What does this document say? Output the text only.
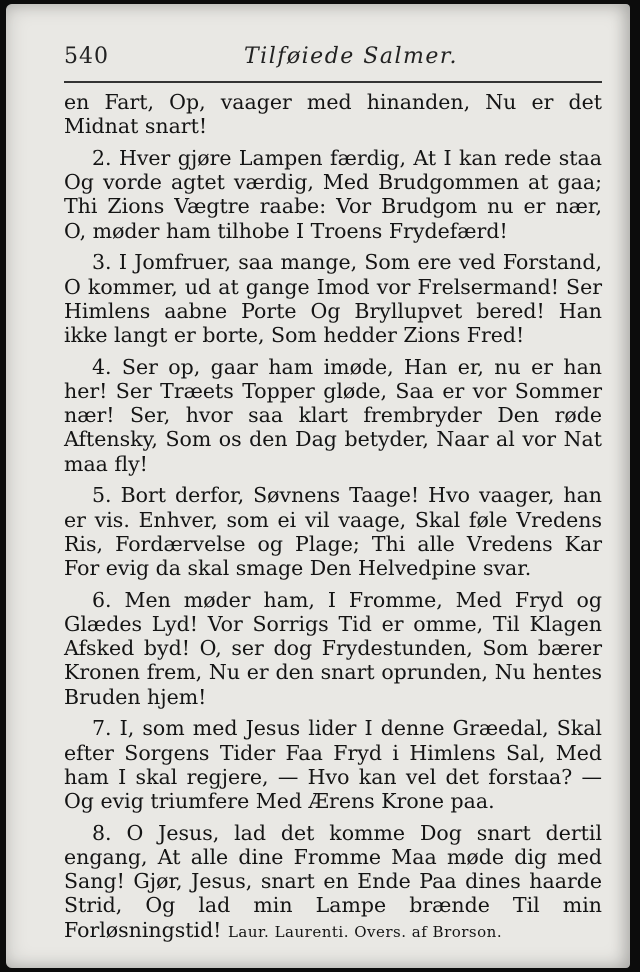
540	Tilføiede Salmer.

en Fart, Op, vaager med hinanden, Nu er det Midnat snart!

2. Hver gjøre Lampen færdig, At I kan rede staa Og vorde agtet værdig, Med Brudgommen at gaa; Thi Zions Vægtre raabe: Vor Brudgom nu er nær, O, møder ham tilhobe I Troens Frydefærd!

3. I Jomfruer, saa mange, Som ere ved Forstand, O kommer, ud at gange Imod vor Frelsermand! Ser Himlens aabne Porte Og Bryllupvet bered! Han ikke langt er borte, Som hedder Zions Fred!

4. Ser op, gaar ham imøde, Han er, nu er han her! Ser Træets Topper gløde, Saa er vor Sommer nær! Ser, hvor saa klart frembryder Den røde Aftensky, Som os den Dag betyder, Naar al vor Nat maa fly!

5. Bort derfor, Søvnens Taage! Hvo vaager, han er vis. Enhver, som ei vil vaage, Skal føle Vredens Ris, Fordærvelse og Plage; Thi alle Vredens Kar For evig da skal smage Den Helvedpine svar.

6. Men møder ham, I Fromme, Med Fryd og Glædes Lyd! Vor Sorrigs Tid er omme, Til Klagen Afsked byd! O, ser dog Frydestunden, Som bærer Kronen frem, Nu er den snart oprunden, Nu hentes Bruden hjem!

7. I, som med Jesus lider I denne Græedal, Skal efter Sorgens Tider Faa Fryd i Himlens Sal, Med ham I skal regjere, — Hvo kan vel det forstaa? — Og evig triumfere Med Ærens Krone paa.

8. O Jesus, lad det komme Dog snart dertil engang, At alle dine Fromme Maa møde dig med Sang! Gjør, Jesus, snart en Ende Paa dines haarde Strid, Og lad min Lampe brænde Til min Forløsningstid! Laur. Laurenti. Overs. af Brorson.
